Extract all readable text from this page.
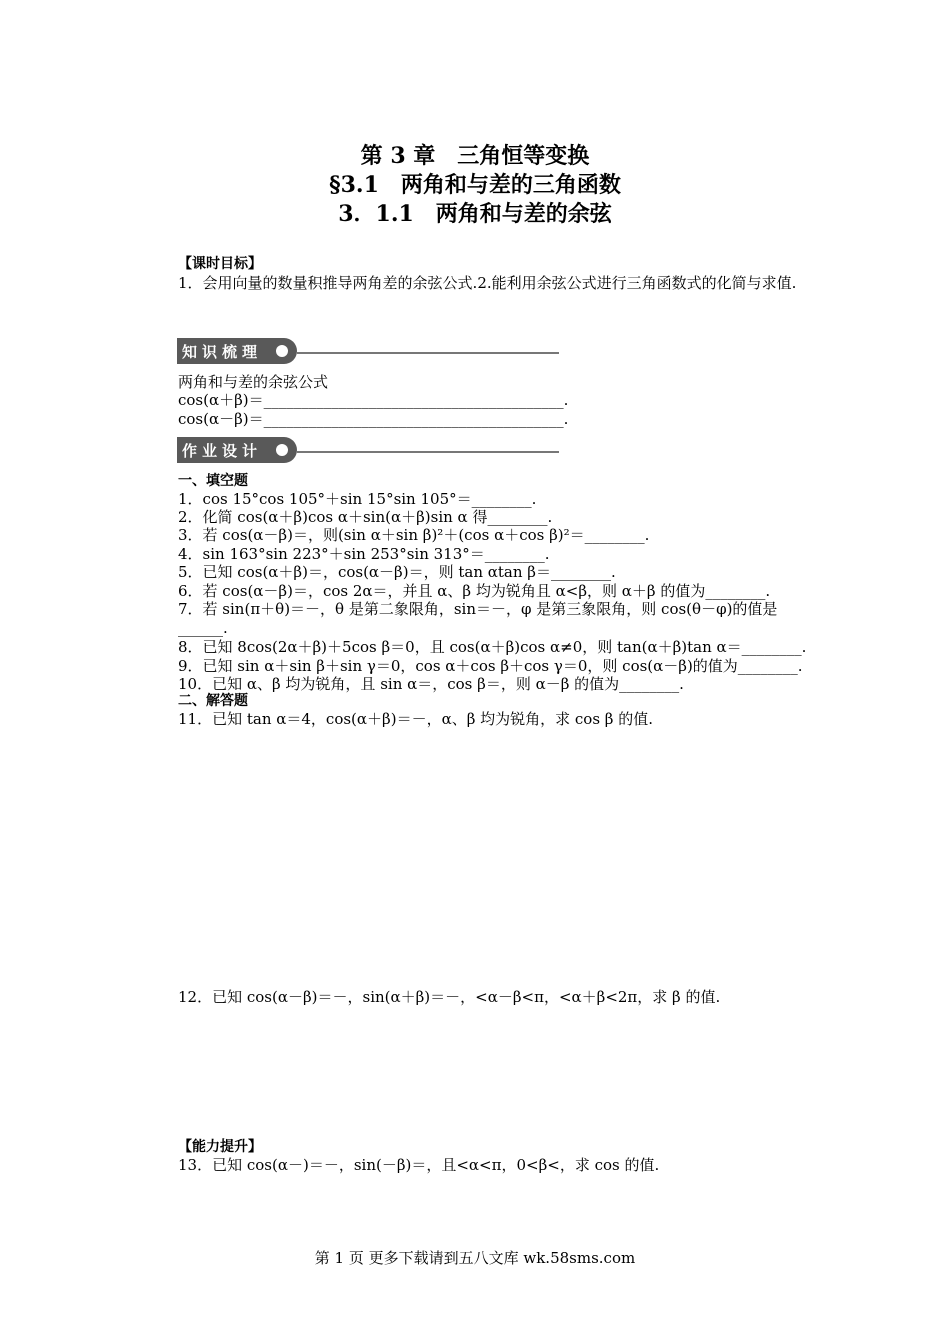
第 3 章　三角恒等变换
§3.1　两角和与差的三角函数
3．1.1　两角和与差的余弦
【课时目标】
1．会用向量的数量积推导两角差的余弦公式.2.能利用余弦公式进行三角函数式的化简与求值.
知识梳理
两角和与差的余弦公式
cos(α＋β)＝________________________________________.
cos(α－β)＝________________________________________.
作业设计
一、填空题
1．cos 15°cos 105°＋sin 15°sin 105°＝________.
2．化简 cos(α＋β)cos α＋sin(α＋β)sin α 得________.
3．若 cos(α－β)＝，则(sin α＋sin β)²＋(cos α＋cos β)²＝________.
4．sin 163°sin 223°＋sin 253°sin 313°＝________.
5．已知 cos(α＋β)＝，cos(α－β)＝，则 tan αtan β＝________.
6．若 cos(α－β)＝，cos 2α＝，并且 α、β 均为锐角且 α<β，则 α＋β 的值为________.
7．若 sin(π＋θ)＝－，θ 是第二象限角，sin＝－，φ 是第三象限角，则 cos(θ－φ)的值是______.
8．已知 8cos(2α＋β)＋5cos β＝0，且 cos(α＋β)cos α≠0，则 tan(α＋β)tan α＝________.
9．已知 sin α＋sin β＋sin γ＝0，cos α＋cos β＋cos γ＝0，则 cos(α－β)的值为________.
10．已知 α、β 均为锐角，且 sin α＝，cos β＝，则 α－β 的值为________.
二、解答题
11．已知 tan α＝4，cos(α＋β)＝－，α、β 均为锐角，求 cos β 的值.
12．已知 cos(α－β)＝－，sin(α＋β)＝－，<α－β<π，<α＋β<2π，求 β 的值.
【能力提升】
13．已知 cos(α－)＝－，sin(－β)＝，且<α<π，0<β<，求 cos 的值.
第 1 页 更多下载请到五八文库 wk.58sms.com
